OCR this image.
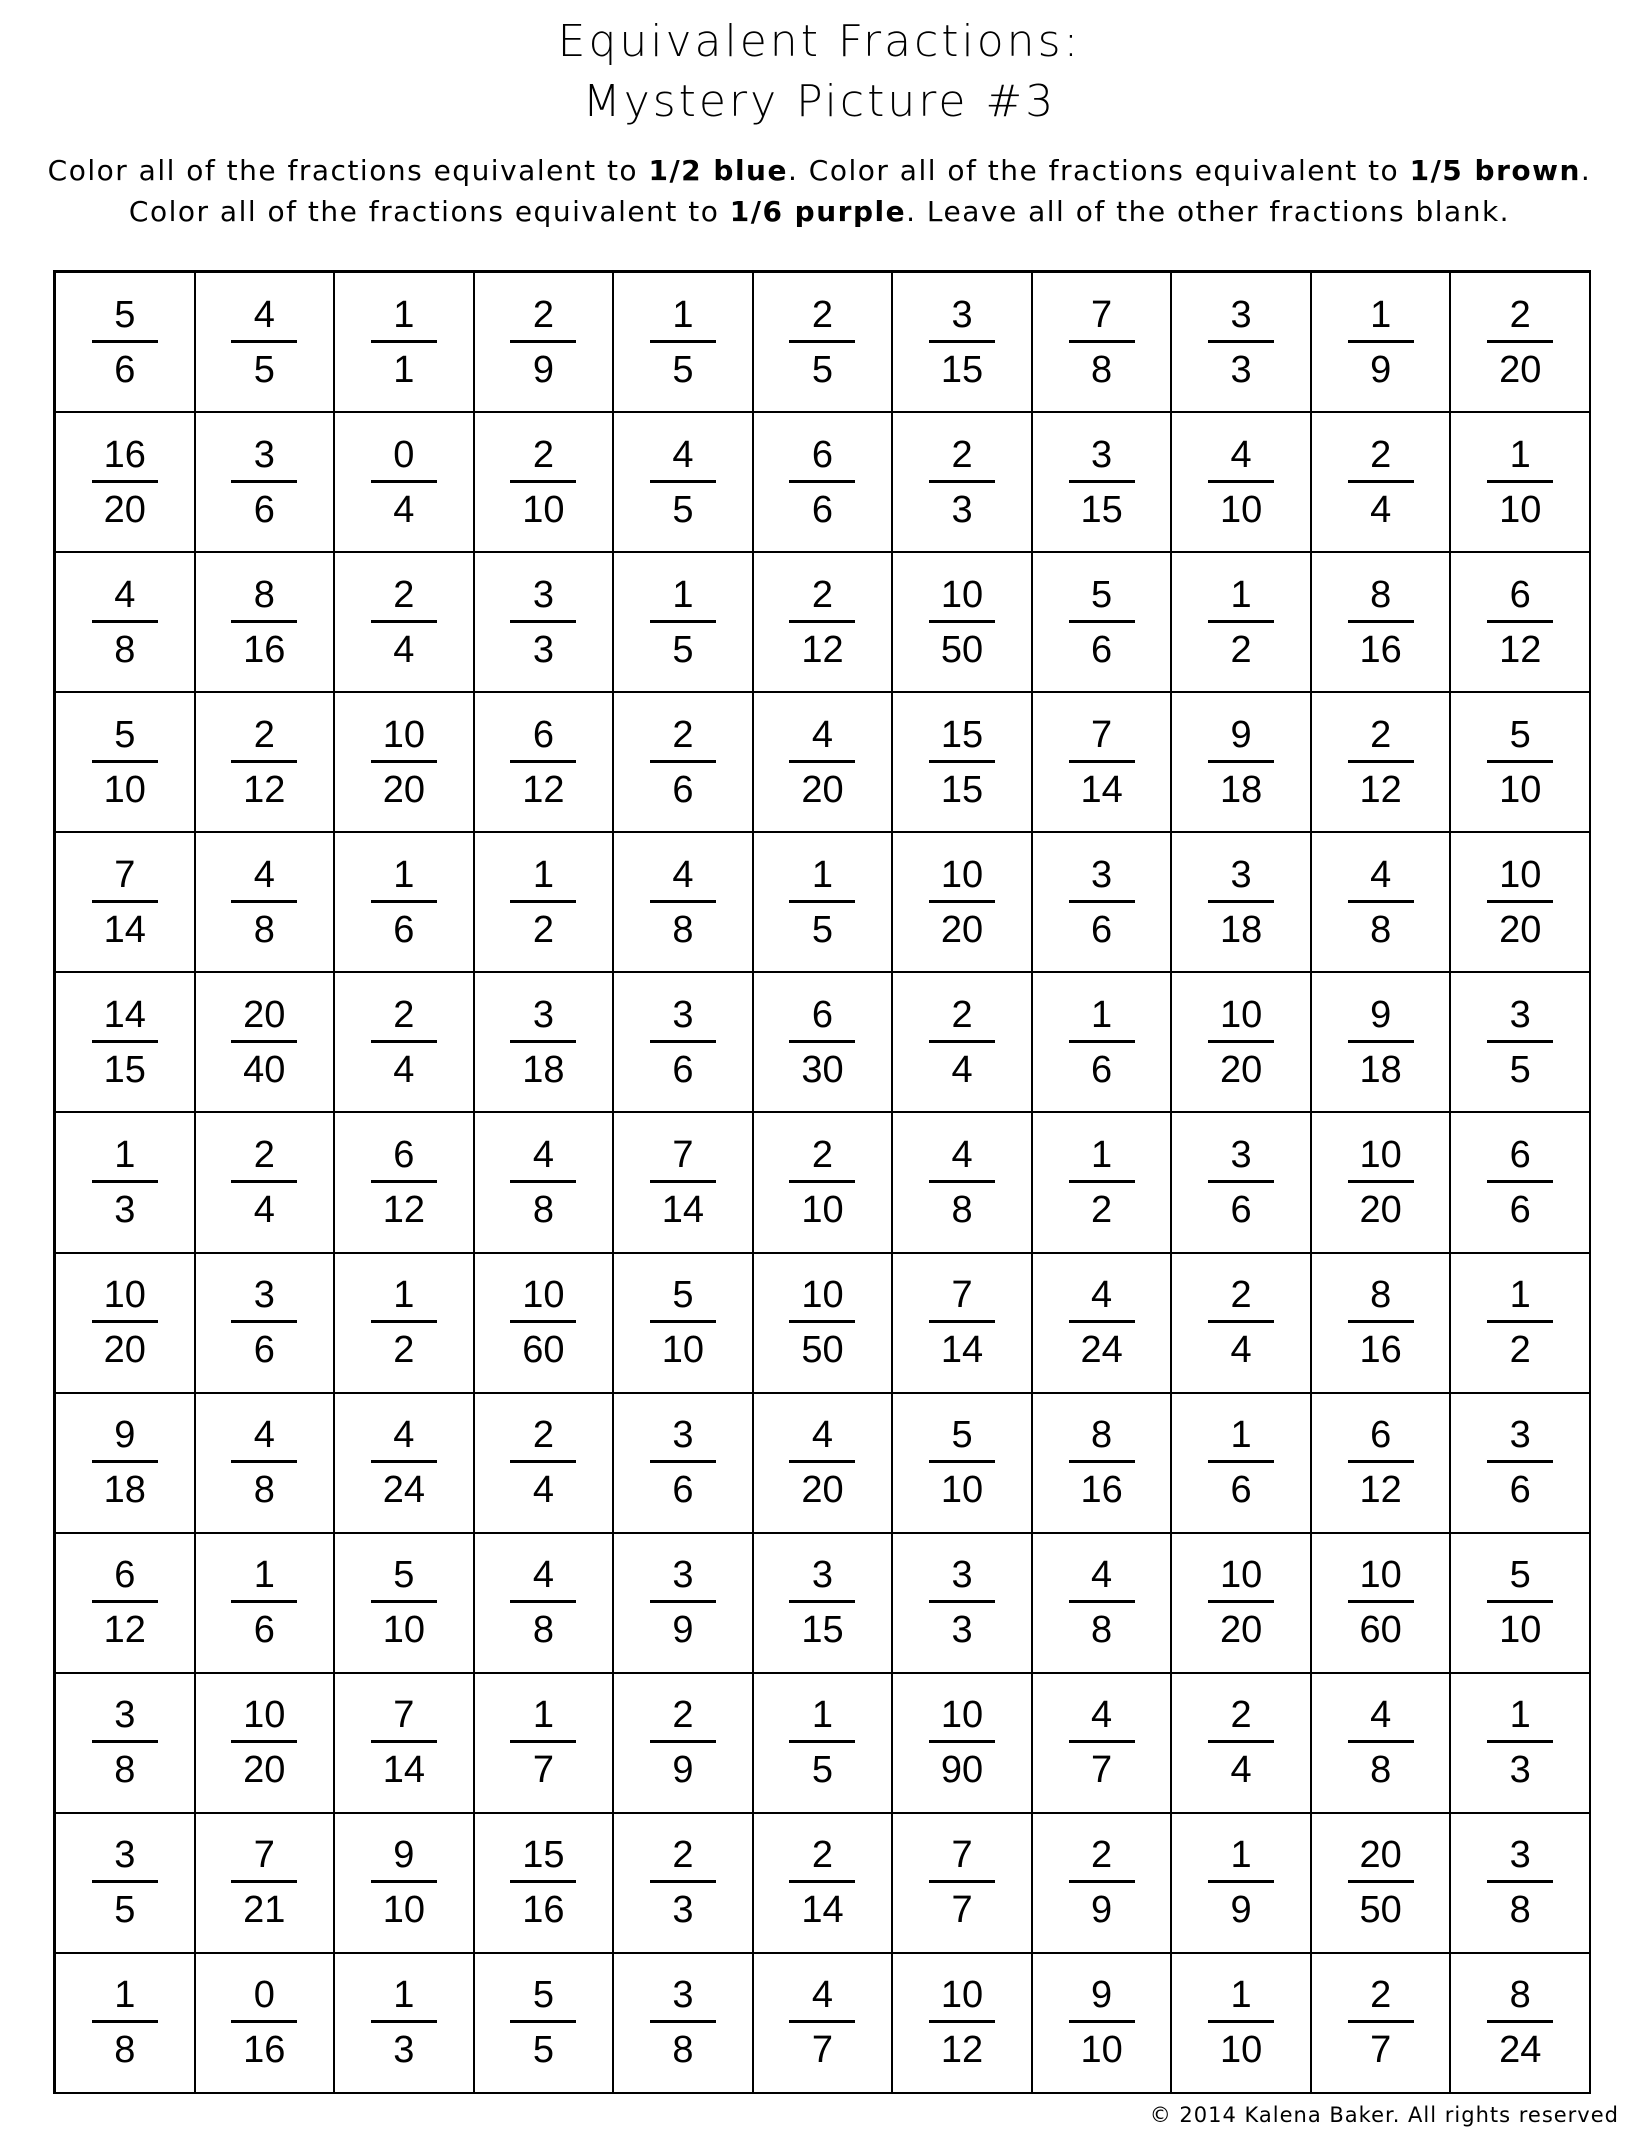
Equivalent Fractions:
Mystery Picture #3
Color all of the fractions equivalent to 1/2 blue. Color all of the fractions equivalent to 1/5 brown. Color all of the fractions equivalent to 1/6 purple. Leave all of the other fractions blank.
$\frac{5}{6} \frac{4}{5} \frac{1}{1} \frac{2}{9} \frac{1}{5} \frac{2}{5} \frac{3}{15} \frac{7}{8} \frac{3}{3} \frac{1}{9} \frac{2}{20}$
$\frac{16}{20} \frac{3}{6} \frac{0}{4} \frac{2}{10} \frac{4}{5} \frac{6}{6} \frac{2}{3} \frac{3}{15} \frac{4}{10} \frac{2}{4} \frac{1}{10}$
$\frac{4}{8} \frac{8}{16} \frac{2}{4} \frac{3}{3} \frac{1}{5} \frac{2}{12} \frac{10}{50} \frac{5}{6} \frac{1}{2} \frac{8}{16} \frac{6}{12}$
$\frac{5}{10} \frac{2}{12} \frac{10}{20} \frac{6}{12} \frac{2}{6} \frac{4}{20} \frac{15}{15} \frac{7}{14} \frac{9}{18} \frac{2}{12} \frac{5}{10}$
$\frac{7}{14} \frac{4}{8} \frac{1}{6} \frac{1}{2} \frac{4}{8} \frac{1}{5} \frac{10}{20} \frac{3}{6} \frac{3}{18} \frac{4}{8} \frac{10}{20}$
$\frac{14}{15} \frac{20}{40} \frac{2}{4} \frac{3}{18} \frac{3}{6} \frac{6}{30} \frac{2}{4} \frac{1}{6} \frac{10}{20} \frac{9}{18} \frac{3}{5}$
$\frac{1}{3} \frac{2}{4} \frac{6}{12} \frac{4}{8} \frac{7}{14} \frac{2}{10} \frac{4}{8} \frac{1}{2} \frac{3}{6} \frac{10}{20} \frac{6}{6}$
$\frac{10}{20} \frac{3}{6} \frac{1}{2} \frac{10}{60} \frac{5}{10} \frac{10}{50} \frac{7}{14} \frac{4}{24} \frac{2}{4} \frac{8}{16} \frac{1}{2}$
$\frac{9}{18} \frac{4}{8} \frac{4}{24} \frac{2}{4} \frac{3}{6} \frac{4}{20} \frac{5}{10} \frac{8}{16} \frac{1}{6} \frac{6}{12} \frac{3}{6}$
$\frac{6}{12} \frac{1}{6} \frac{5}{10} \frac{4}{8} \frac{3}{9} \frac{3}{15} \frac{3}{3} \frac{4}{8} \frac{10}{20} \frac{10}{60} \frac{5}{10}$
$\frac{3}{8} \frac{10}{20} \frac{7}{14} \frac{1}{7} \frac{2}{9} \frac{1}{5} \frac{10}{90} \frac{4}{7} \frac{2}{4} \frac{4}{8} \frac{1}{3}$
$\frac{3}{5} \frac{7}{21} \frac{9}{10} \frac{15}{16} \frac{2}{3} \frac{2}{14} \frac{7}{7} \frac{2}{9} \frac{1}{9} \frac{20}{50} \frac{3}{8}$
$\frac{1}{8} \frac{0}{16} \frac{1}{3} \frac{5}{5} \frac{3}{8} \frac{4}{7} \frac{10}{12} \frac{9}{10} \frac{1}{10} \frac{2}{7} \frac{8}{24}$
© 2014 Kalena Baker. All rights reserved
